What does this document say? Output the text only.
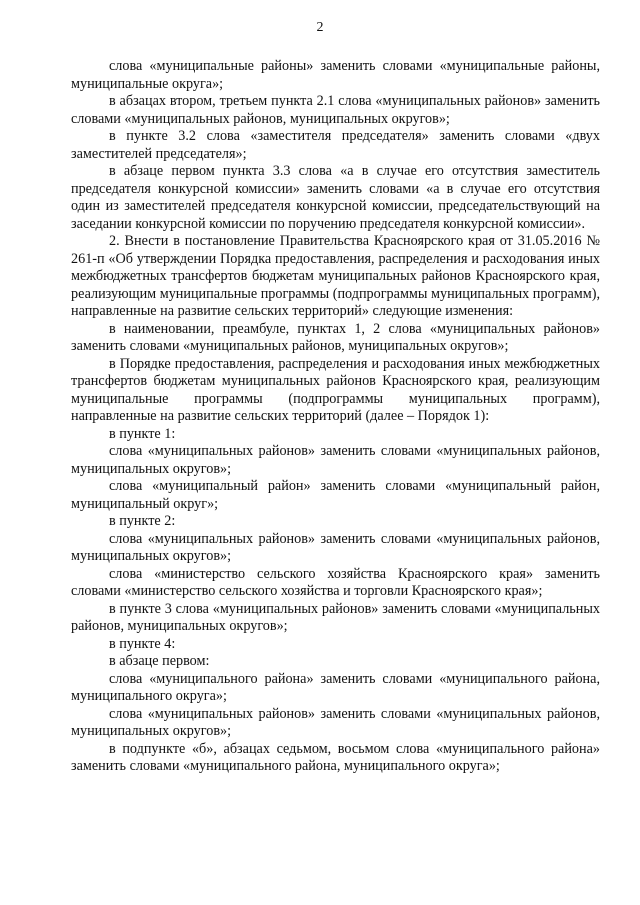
2

слова «муниципальные районы» заменить словами «муниципальные районы, муниципальные округа»;

в абзацах втором, третьем пункта 2.1 слова «муниципальных районов» заменить словами «муниципальных районов, муниципальных округов»;

в пункте 3.2 слова «заместителя председателя» заменить словами «двух заместителей председателя»;

в абзаце первом пункта 3.3 слова «а в случае его отсутствия заместитель председателя конкурсной комиссии» заменить словами «а в случае его отсутствия один из заместителей председателя конкурсной комиссии, председательствующий на заседании конкурсной комиссии по поручению председателя конкурсной комиссии».

2. Внести в постановление Правительства Красноярского края от 31.05.2016 № 261-п «Об утверждении Порядка предоставления, распределения и расходования иных межбюджетных трансфертов бюджетам муниципальных районов Красноярского края, реализующим муниципальные программы (подпрограммы муниципальных программ), направленные на развитие сельских территорий» следующие изменения:

в наименовании, преамбуле, пунктах 1, 2 слова «муниципальных районов» заменить словами «муниципальных районов, муниципальных округов»;

в Порядке предоставления, распределения и расходования иных межбюджетных трансфертов бюджетам муниципальных районов Красноярского края, реализующим муниципальные программы (подпрограммы муниципальных программ), направленные на развитие сельских территорий (далее – Порядок 1):

в пункте 1:

слова «муниципальных районов» заменить словами «муниципальных районов, муниципальных округов»;

слова «муниципальный район» заменить словами «муниципальный район, муниципальный округ»;

в пункте 2:

слова «муниципальных районов» заменить словами «муниципальных районов, муниципальных округов»;

слова «министерство сельского хозяйства Красноярского края» заменить словами «министерство сельского хозяйства и торговли Красноярского края»;

в пункте 3 слова «муниципальных районов» заменить словами «муниципальных районов, муниципальных округов»;

в пункте 4:

в абзаце первом:

слова «муниципального района» заменить словами «муниципального района, муниципального округа»;

слова «муниципальных районов» заменить словами «муниципальных районов, муниципальных округов»;

в подпункте «б», абзацах седьмом, восьмом слова «муниципального района» заменить словами «муниципального района, муниципального округа»;
